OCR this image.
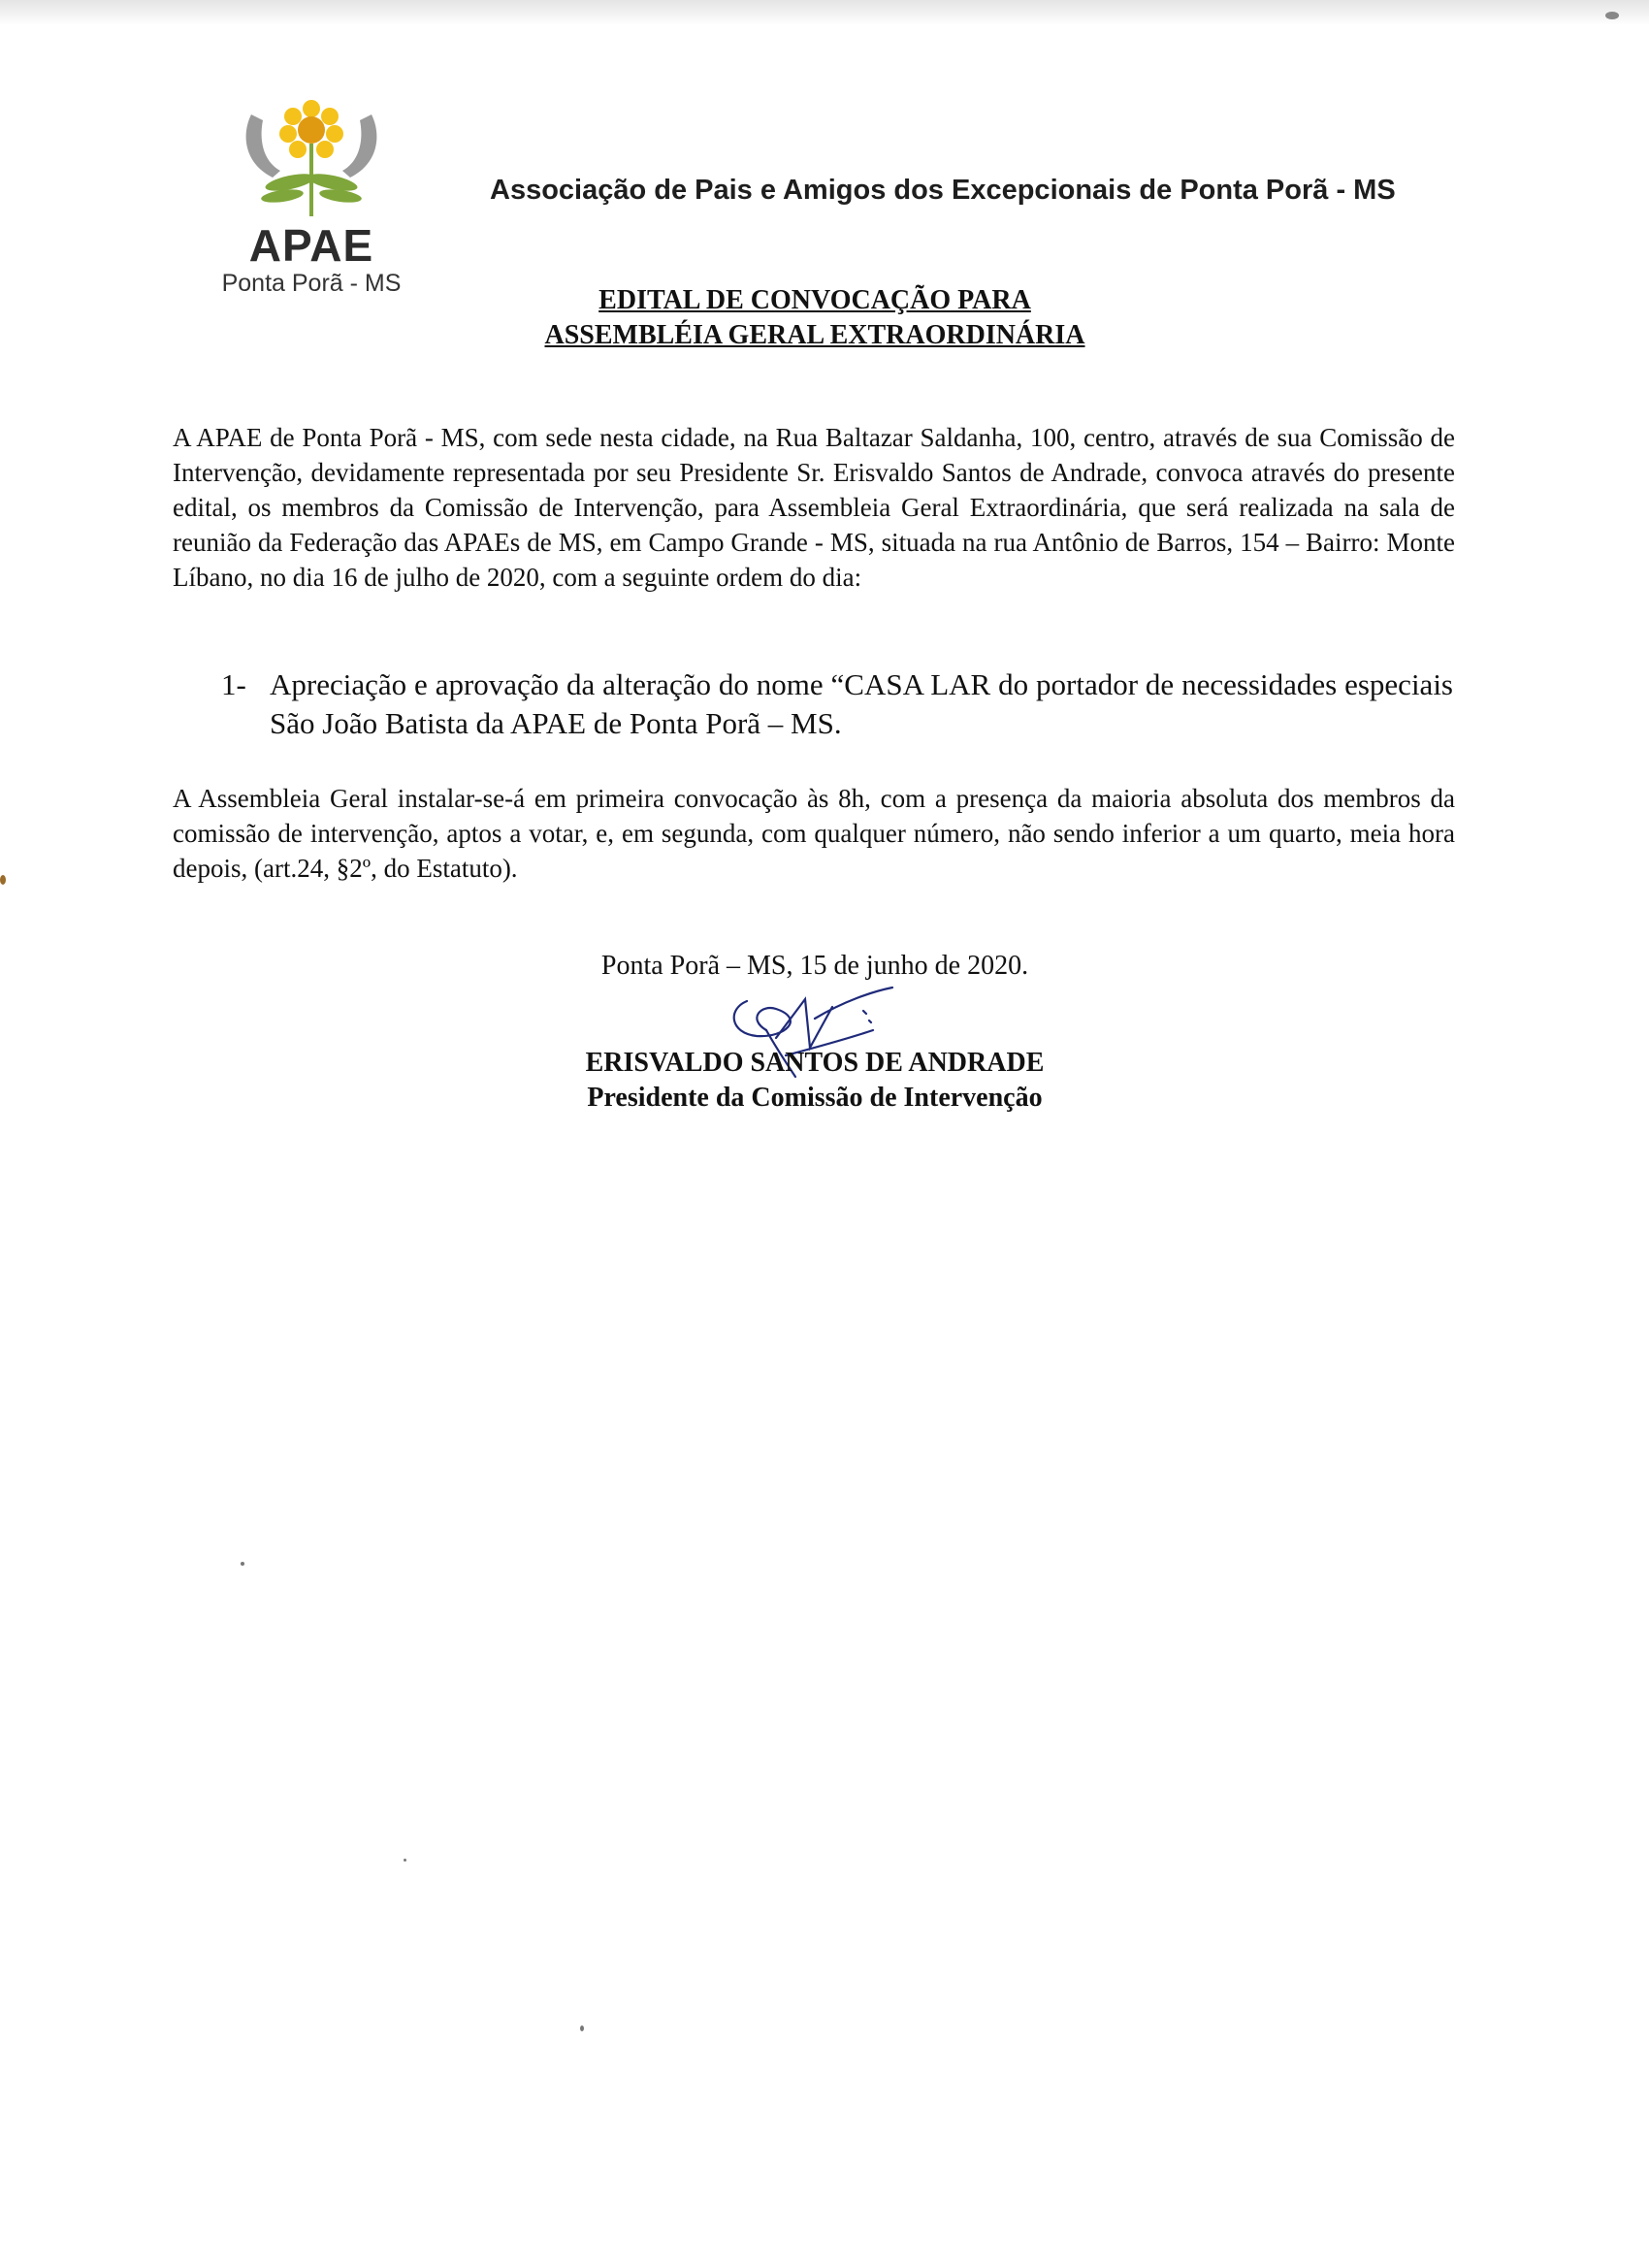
APAE
Ponta Porã - MS
Associação de Pais e Amigos dos Excepcionais de Ponta Porã - MS
EDITAL DE CONVOCAÇÃO PARA
ASSEMBLÉIA GERAL EXTRAORDINÁRIA
A APAE de Ponta Porã - MS, com sede nesta cidade, na Rua Baltazar Saldanha, 100, centro, através de sua Comissão de Intervenção, devidamente representada por seu Presidente Sr. Erisvaldo Santos de Andrade, convoca através do presente edital, os membros da Comissão de Intervenção, para Assembleia Geral Extraordinária, que será realizada na sala de reunião da Federação das APAEs de MS, em Campo Grande - MS, situada na rua Antônio de Barros, 154 – Bairro: Monte Líbano, no dia 16 de julho de 2020, com a seguinte ordem do dia:
1- Apreciação e aprovação da alteração do nome “CASA LAR do portador de necessidades especiais São João Batista da APAE de Ponta Porã – MS.
A Assembleia Geral instalar-se-á em primeira convocação às 8h, com a presença da maioria absoluta dos membros da comissão de intervenção, aptos a votar, e, em segunda, com qualquer número, não sendo inferior a um quarto, meia hora depois, (art.24, §2º, do Estatuto).
Ponta Porã – MS, 15 de junho de 2020.
ERISVALDO SANTOS DE ANDRADE
Presidente da Comissão de Intervenção
